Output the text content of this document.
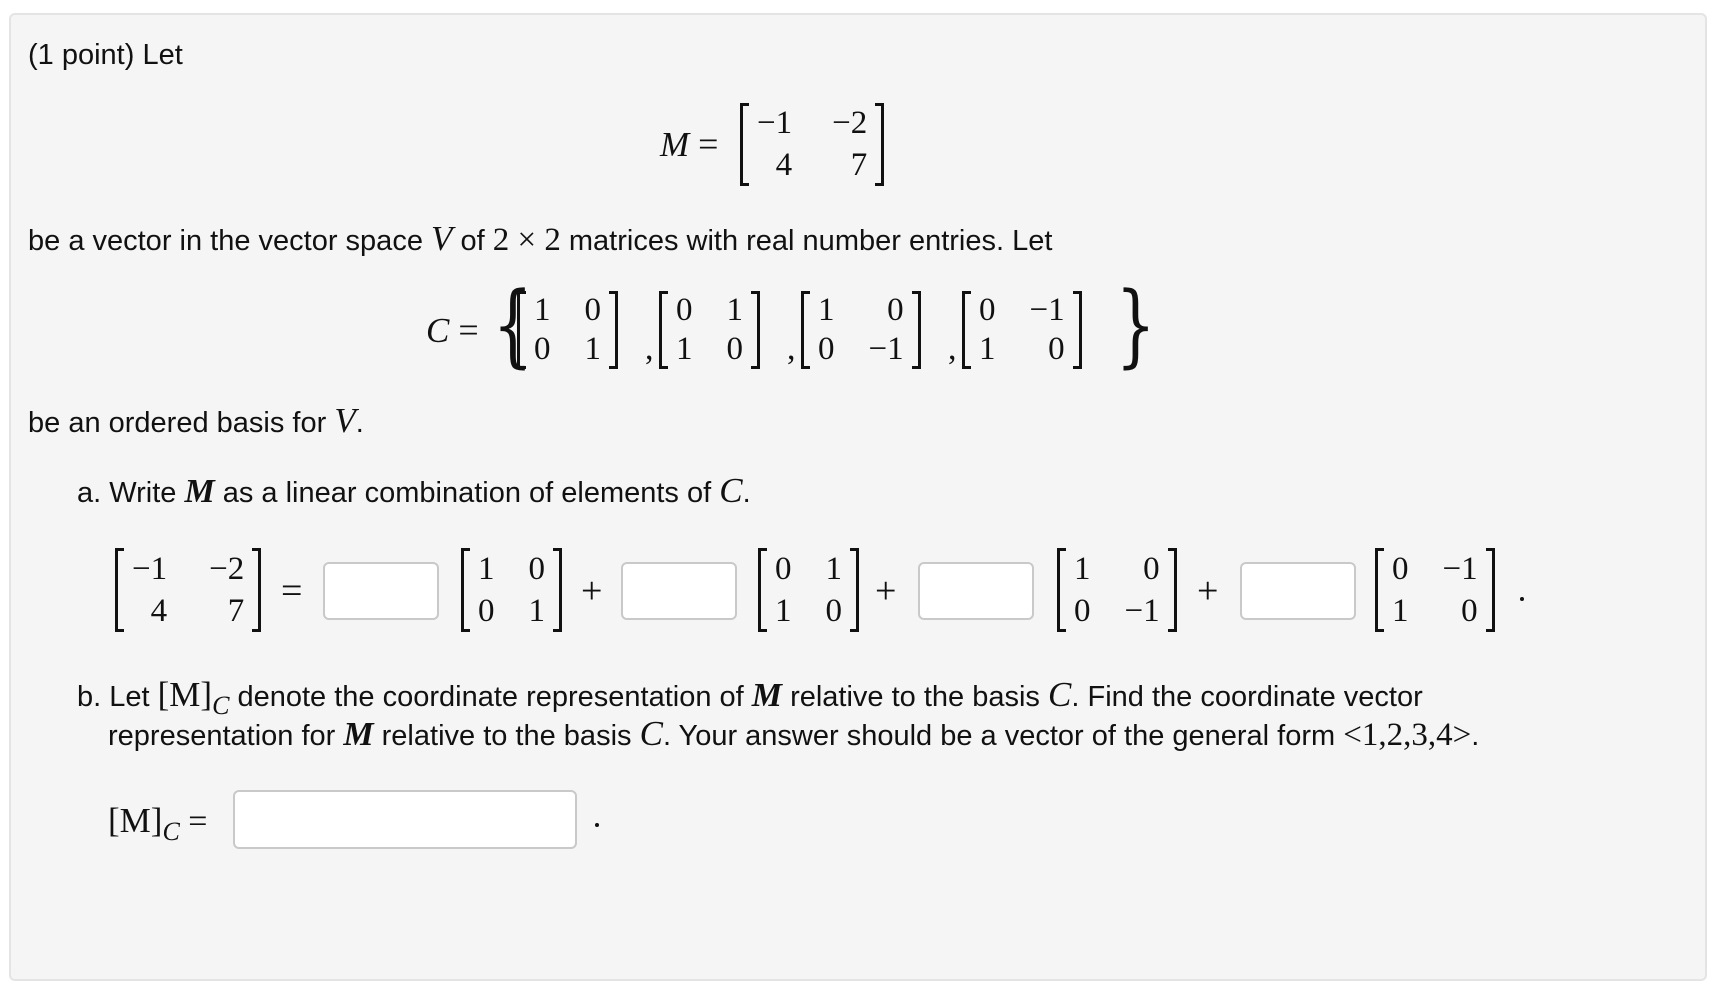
(1 point) Let
M =
−1 −2
4	7
be a vector in the vector space V of 2 × 2 matrices with real number entries. Let
C = { 1 0
0 1 ,
0 1
1 0 ,
1	0
0 −1 ,
0 −1
1	0 }
be an ordered basis for V.
a. Write M as a linear combination of elements of C.
−1 −2
4	7 =
1 0
0 1 +
0 1
1 0 +
1	0
0 −1 +
0 −1
1	0
b. Let [M]C denote the coordinate representation of M relative to the basis C. Find the coordinate vector
representation for M relative to the basis C. Your answer should be a vector of the general form <1,2,3,4>.
$[M]_C$ =
